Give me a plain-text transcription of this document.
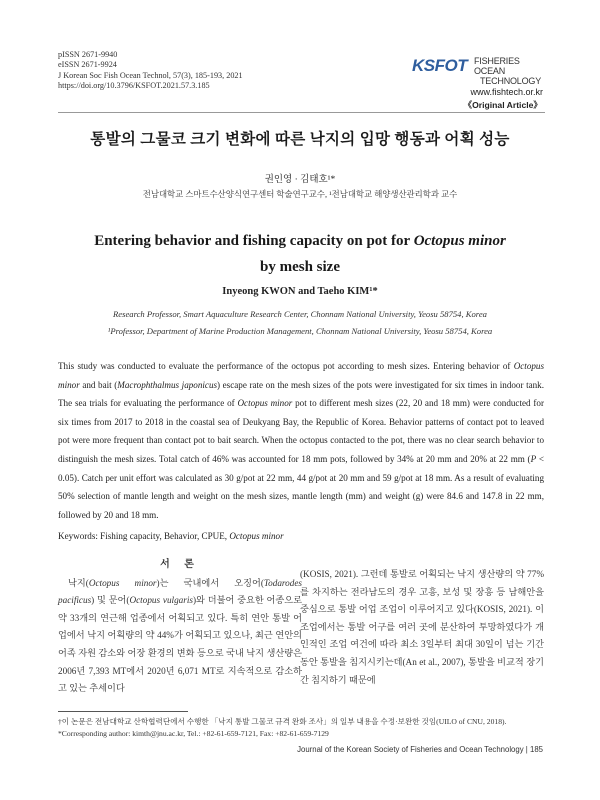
pISSN 2671-9940
eISSN 2671-9924
J Korean Soc Fish Ocean Technol, 57(3), 185-193, 2021
https://doi.org/10.3796/KSFOT.2021.57.3.185
KSFOT FISHERIES OCEAN
TECHNOLOGY
www.fishtech.or.kr
《Original Article》
통발의 그물코 크기 변화에 따른 낙지의 입망 행동과 어획 성능
권인영 · 김태호¹*
전남대학교 스마트수산양식연구센터 학술연구교수, ¹전남대학교 해양생산관리학과 교수
Entering behavior and fishing capacity on pot for Octopus minor
by mesh size
Inyeong KWON and Taeho KIM¹*
Research Professor, Smart Aquaculture Research Center, Chonnam National University, Yeosu 58754, Korea
¹Professor, Department of Marine Production Management, Chonnam National University, Yeosu 58754, Korea
This study was conducted to evaluate the performance of the octopus pot according to mesh sizes. Entering behavior of Octopus minor and bait (Macrophthalmus japonicus) escape rate on the mesh sizes of the pots were investigated for six times in indoor tank. The sea trials for evaluating the performance of Octopus minor pot to different mesh sizes (22, 20 and 18 mm) were conducted for six times from 2017 to 2018 in the coastal sea of Deukyang Bay, the Republic of Korea. Behavior patterns of contact pot to leaved pot were more frequent than contact pot to bait search. When the octopus contacted to the pot, there was no clear search behavior to distinguish the mesh sizes. Total catch of 46% was accounted for 18 mm pots, followed by 34% at 20 mm and 20% at 22 mm (P < 0.05). Catch per unit effort was calculated as 30 g/pot at 22 mm, 44 g/pot at 20 mm and 59 g/pot at 18 mm. As a result of evaluating 50% selection of mantle length and weight on the mesh sizes, mantle length (mm) and weight (g) were 84.6 and 147.8 in 22 mm, followed by 20 and 18 mm.
Keywords: Fishing capacity, Behavior, CPUE, Octopus minor
서 론
낙지(Octopus minor)는 국내에서 오징어(Todarodes pacificus) 및 문어(Octopus vulgaris)와 더불어 중요한 어종으로 약 33개의 연근해 업종에서 어획되고 있다. 특히 연안 통발 어업에서 낙지 어획량의 약 44%가 어획되고 있으나, 최근 연안의 어족 자원 감소와 어장 환경의 변화 등으로 국내 낙지 생산량은 2006년 7,393 MT에서 2020년 6,071 MT로 지속적으로 감소하고 있는 추세이다
(KOSIS, 2021). 그런데 통발로 어획되는 낙지 생산량의 약 77%를 차지하는 전라남도의 경우 고흥, 보성 및 장흥 등 남해안을 중심으로 통발 어업 조업이 이루어지고 있다(KOSIS, 2021). 이 조업에서는 통발 어구를 여러 곳에 분산하여 투망하였다가 개인적인 조업 여건에 따라 최소 3일부터 최대 30일이 넘는 기간 동안 통발을 침지시키는데(An et al., 2007), 통발을 비교적 장기간 침지하기 때문에
†이 논문은 전남대학교 산학협력단에서 수행한 「낙지 통발 그물코 규격 완화 조사」의 일부 내용을 수정·보완한 것임(UILO of CNU, 2018).
*Corresponding author: kimth@jnu.ac.kr, Tel.: +82-61-659-7121, Fax: +82-61-659-7129
Journal of the Korean Society of Fisheries and Ocean Technology | 185
